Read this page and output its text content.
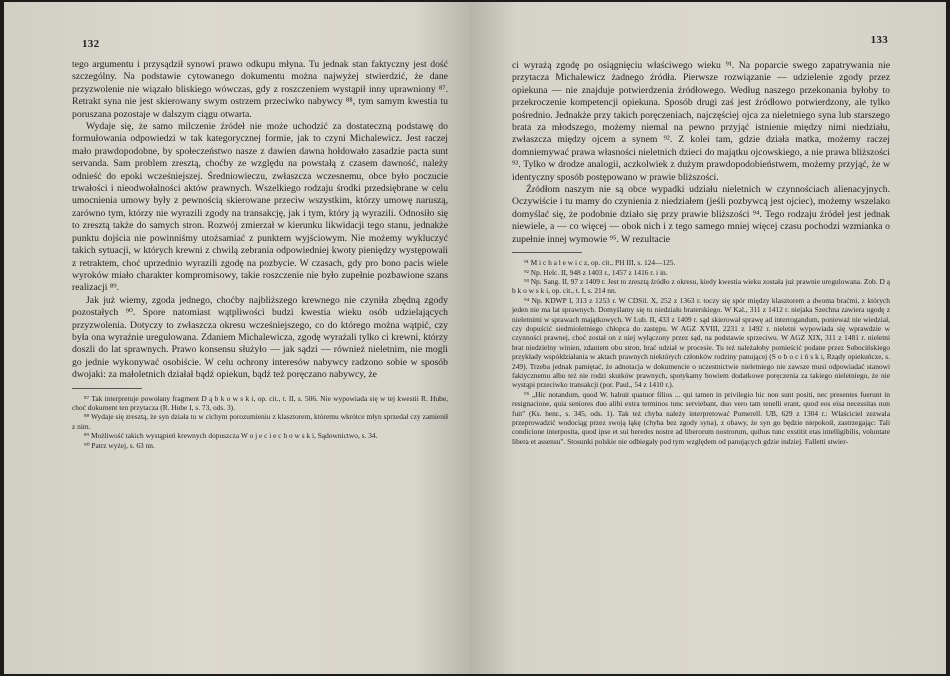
132

tego argumentu i przysądził synowi prawo odkupu młyna. Tu jednak stan faktyczny jest dość szczególny. Na podstawie cytowanego dokumentu można najwyżej stwierdzić, że dane przyzwolenie nie wiązało bliskiego wówczas, gdy z roszczeniem wystąpił inny uprawniony ⁸⁷. Retrakt syna nie jest skierowany swym ostrzem przeciwko nabywcy ⁸⁸, tym samym kwestia tu poruszana pozostaje w dalszym ciągu otwarta.

Wydaje się, że samo milczenie źródeł nie może uchodzić za dostateczną podstawę do formułowania odpowiedzi w tak kategorycznej formie, jak to czyni Michalewicz. Jest raczej mało prawdopodobne, by społeczeństwo nasze z dawien dawna hołdowało zasadzie pacta sunt servanda. Sam problem zresztą, choćby ze względu na powstałą z czasem dawność, należy odnieść do epoki wcześniejszej. Średniowieczu, zwłaszcza wczesnemu, obce było poczucie trwałości i nieodwołalności aktów prawnych. Wszelkiego rodzaju środki przedsiębrane w celu umocnienia umowy były z pewnością skierowane przeciw wszystkim, którzy umowę naruszą, zarówno tym, którzy nie wyrazili zgody na transakcję, jak i tym, który ją wyrazili. Odnosiło się to zresztą także do samych stron. Rozwój zmierzał w kierunku likwidacji tego stanu, jednakże punktu dojścia nie powinniśmy utożsamiać z punktem wyjściowym. Nie możemy wykluczyć takich sytuacji, w których krewni z chwilą zebrania odpowiedniej kwoty pieniędzy występowali z retraktem, choć uprzednio wyrazili zgodę na pozbycie. W czasach, gdy pro bono pacis wiele wyroków miało charakter kompromisowy, takie roszczenie nie było zupełnie pozbawione szans realizacji ⁸⁹.

Jak już wiemy, zgoda jednego, choćby najbliższego krewnego nie czyniła zbędną zgody pozostałych ⁹⁰. Spore natomiast wątpliwości budzi kwestia wieku osób udzielających przyzwolenia. Dotyczy to zwłaszcza okresu wcześniejszego, co do którego można wątpić, czy była ona wyraźnie uregulowana. Zdaniem Michalewicza, zgodę wyrażali tylko ci krewni, którzy doszli do lat sprawnych. Prawo konsensu służyło — jak sądzi — również nieletnim, nie mogli go jednie wykonywać osobiście. W celu ochrony interesów nabywcy radzono sobie w sposób dwojaki: za małoletnich działał bądź opiekun, bądź też poręczano nabywcy, że

⁸⁷ Tak interpretuje powołany fragment D ą b k o w s k i, op. cit., t. II, s. 506. Nie wypowiada się w tej kwestii R. Hube, choć dokument ten przytacza (R. Hube I, s. 73, ods. 3).

⁸⁸ Wydaje się zresztą, że syn działa tu w cichym porozumieniu z klasztorem, któremu wkrótce młyn sprzedał czy zamienił z nim.

⁸⁹ Możliwość takich wystąpień krewnych dopuszcza W o j e c i e c h o w s k i, Sądownictwo, s. 34.

⁹⁰ Patrz wyżej, s. 63 nn.

133

ci wyrażą zgodę po osiągnięciu właściwego wieku ⁹¹. Na poparcie swego zapatrywania nie przytacza Michalewicz żadnego źródła. Pierwsze rozwiązanie — udzielenie zgody przez opiekuna — nie znajduje potwierdzenia źródłowego. Według naszego przekonania byłoby to przekroczenie kompetencji opiekuna. Sposób drugi zaś jest źródłowo potwierdzony, ale tylko pośrednio. Jednakże przy takich poręczeniach, najczęściej ojca za nieletniego syna lub starszego brata za młodszego, możemy niemal na pewno przyjąć istnienie między nimi niedziału, zwłaszcza między ojcem a synem ⁹². Z kolei tam, gdzie działa matka, możemy raczej domniemywać prawa własności nieletnich dzieci do majątku ojcowskiego, a nie prawa bliższości ⁹³. Tylko w drodze analogii, aczkolwiek z dużym prawdopodobieństwem, możemy przyjąć, że w identyczny sposób postępowano w prawie bliższości.

Źródłom naszym nie są obce wypadki udziału nieletnich w czynnościach alienacyjnych. Oczywiście i tu mamy do czynienia z niedziałem (jeśli pozbywcą jest ojciec), możemy wszelako domyślać się, że podobnie działo się przy prawie bliższości ⁹⁴. Tego rodzaju źródeł jest jednak niewiele, a — co więcej — obok nich i z tego samego mniej więcej czasu pochodzi wzmianka o zupełnie innej wymowie ⁹⁵. W rezultacie

⁹¹ M i c h a l e w i c z, op. cit., PH III, s. 124—125.

⁹² Np. Helc. II, 948 z 1403 r., 1457 z 1416 r. i in.

⁹³ Np. Sang. II, 97 z 1409 r. Jest to zresztą źródło z okresu, kiedy kwestia wieku została już prawnie uregulowana. Zob. D ą b k o w s k i, op. cit., t. I, s. 214 nn.

⁹⁴ Np. KDWP I, 313 z 1253 r. W CDSil. X, 252 z 1363 r. toczy się spór między klasztorem a dwoma braćmi, z których jeden nie ma lat sprawnych. Domyślamy się tu niedziału braterskiego. W Kal., 311 z 1412 r. niejaka Szechna zawiera ugodę z nieletnimi w sprawach majątkowych. W Lub. II, 433 z 1409 r. sąd skierował sprawę ad interrogandum, ponieważ nie wiedział, czy dopuścić siedmioletniego chłopca do zastępu. W AGZ XVIII, 2231 z 1492 r. nieletni wypowiada się wprawdzie w czynności prawnej, choć został on z niej wyłączony przez sąd, na podstawie sprzeciwu. W AGZ XIX, 311 z 1481 r. nieletni brat niedzielny winien, zdaniem obu stron, brać udział w procesie. Tu też należałoby pomieścić podane przez Sobocińskiego przykłady współdziałania w aktach prawnych niektórych członków rodziny panującej (S o b o c i ń s k i, Rządy opiekuńcze, s. 249). Trzeba jednak pamiętać, że adnotacja w dokumencie o uczestnictwie nieletniego nie zawsze musi odpowiadać stanowi faktycznemu albo też nie rodzi skutków prawnych, spotykamy bowiem dodatkowe poręczenia za takiego nieletniego, że nie wystąpi przeciwko transakcji (por. Paul., 54 z 1410 r.).

⁹⁵ „Hic notandum, quod W. habuit quatuor filios ... qui tamen in privilegio hic non sunt positi, nec presentes fuerunt in resignacione, quia seniores duo alibi extra terminos tunc serviebant, duo vero tam tenelli erant, quod eos eisa necessitas non fuit" (Ks. henr., s. 345, ods. 1). Tak też chyba należy interpretować Pomerell. UB, 629 z 1304 r.: Właściciel zezwala przeprowadzić wodociąg przez swoją łąkę (chyba bez zgody syna), z obawy, że syn go będzie niepokoił, zastrzegając: Tali condicione interposita, quod ipse et sui heredes nostre ad liberorum nostrorum, quibus tunc exstitit etas intelligibilis, voluntate libera et assensu". Stosunki polskie nie odbiegały pod tym względem od panujących gdzie indziej. Falletti stwier-
